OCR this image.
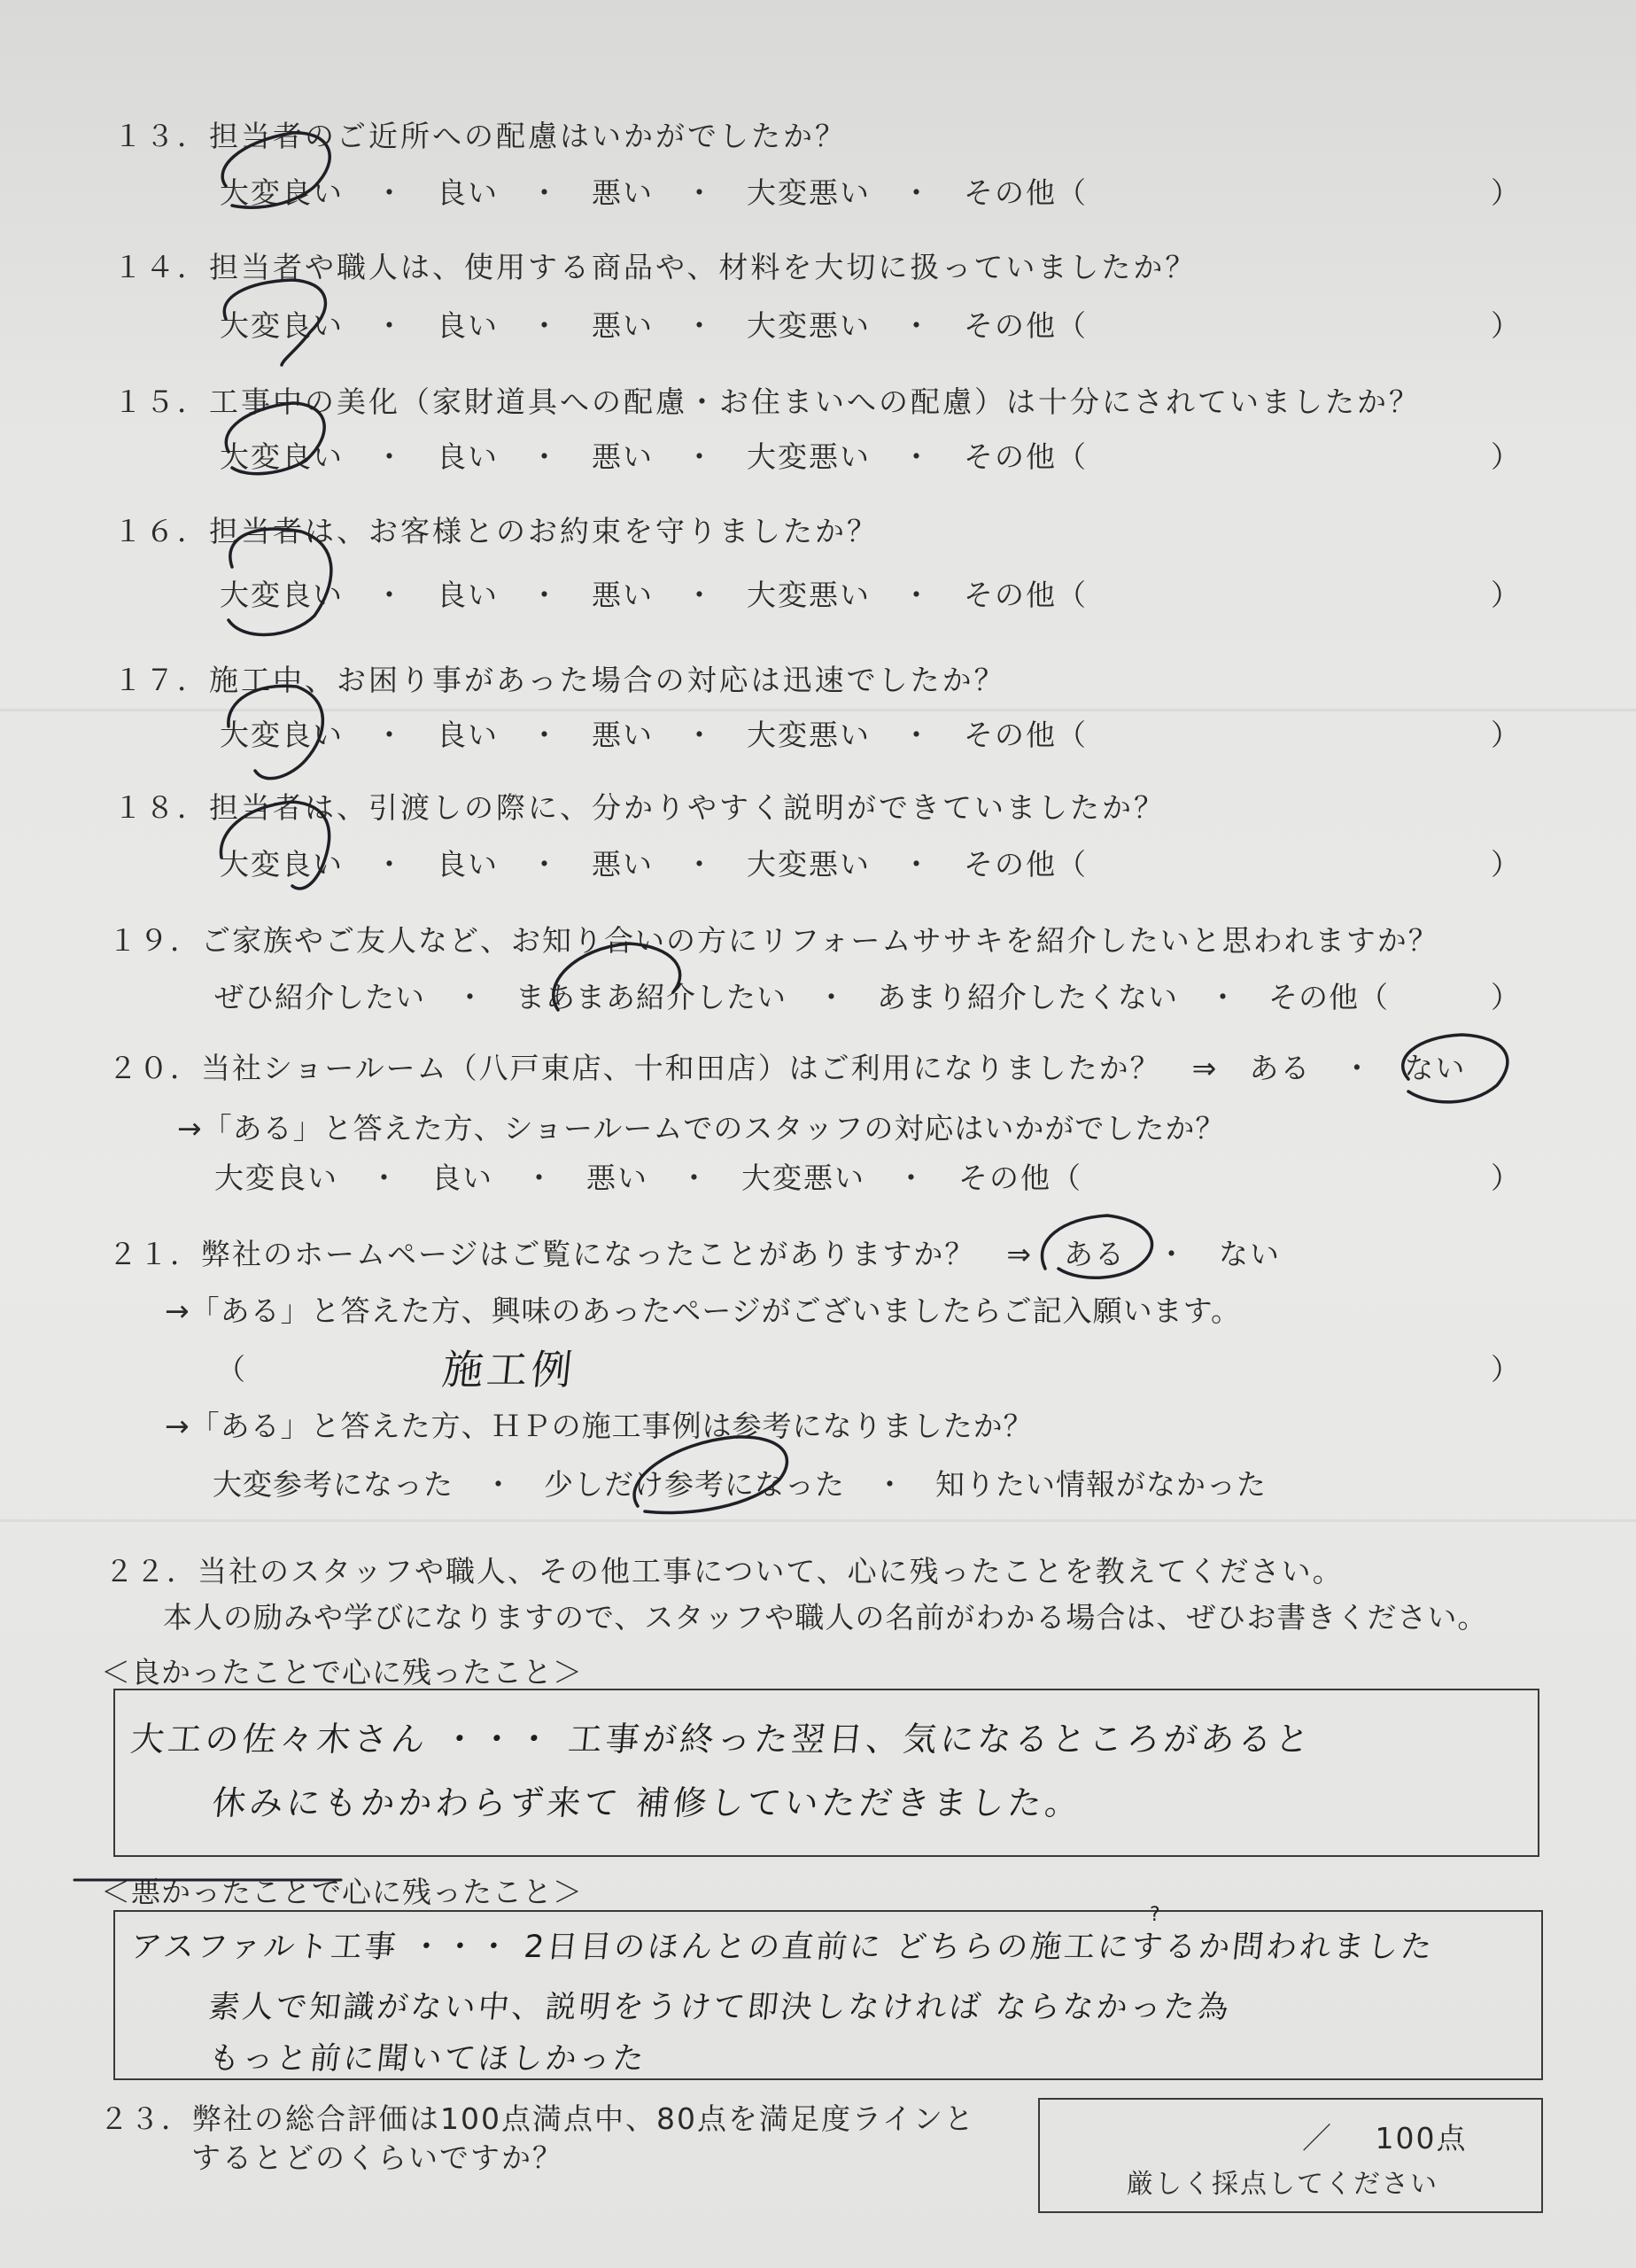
１３．担当者のご近所への配慮はいかがでしたか？
大変良い　・　良い　・　悪い　・　大変悪い　・　その他（	）
１４．担当者や職人は、使用する商品や、材料を大切に扱っていましたか？
大変良い　・　良い　・　悪い　・　大変悪い　・　その他（	）
１５．工事中の美化（家財道具への配慮・お住まいへの配慮）は十分にされていましたか？
大変良い　・　良い　・　悪い　・　大変悪い　・　その他（	）
１６．担当者は、お客様とのお約束を守りましたか？
大変良い　・　良い　・　悪い　・　大変悪い　・　その他（	）
１７．施工中、お困り事があった場合の対応は迅速でしたか？
大変良い　・　良い　・　悪い　・　大変悪い　・　その他（	）
１８．担当者は、引渡しの際に、分かりやすく説明ができていましたか？
大変良い　・　良い　・　悪い　・　大変悪い　・　その他（	）
１９．ご家族やご友人など、お知り合いの方にリフォームササキを紹介したいと思われますか？
ぜひ紹介したい　・　まあまあ紹介したい　・　あまり紹介したくない　・　その他（	）
２０．当社ショールーム（八戸東店、十和田店）はご利用になりましたか？　⇒　ある　・　ない
→「ある」と答えた方、ショールームでのスタッフの対応はいかがでしたか？
大変良い　・　良い　・　悪い　・　大変悪い　・　その他（	）
２１．弊社のホームページはご覧になったことがありますか？　⇒　ある　・　ない
→「ある」と答えた方、興味のあったページがございましたらご記入願います。
（	施工例	）
→「ある」と答えた方、ＨＰの施工事例は参考になりましたか？
大変参考になった　・　少しだけ参考になった　・　知りたい情報がなかった
２２．当社のスタッフや職人、その他工事について、心に残ったことを教えてください。
本人の励みや学びになりますので、スタッフや職人の名前がわかる場合は、ぜひお書きください。
＜良かったことで心に残ったこと＞
大工の佐々木さん ・・・ 工事が終った翌日、気になるところがあると
休みにもかかわらず来て 補修していただきました。
＜悪かったことで心に残ったこと＞
アスファルト工事 ・・・ 2日目のほんとの直前に どちらの施工にするか問われました
素人で知識がない中、説明をうけて即決しなければ ならなかった為
もっと前に聞いてほしかった
２３．弊社の総合評価は100点満点中、80点を満足度ラインと
するとどのくらいですか？
／　 100点
厳しく採点してください
?
